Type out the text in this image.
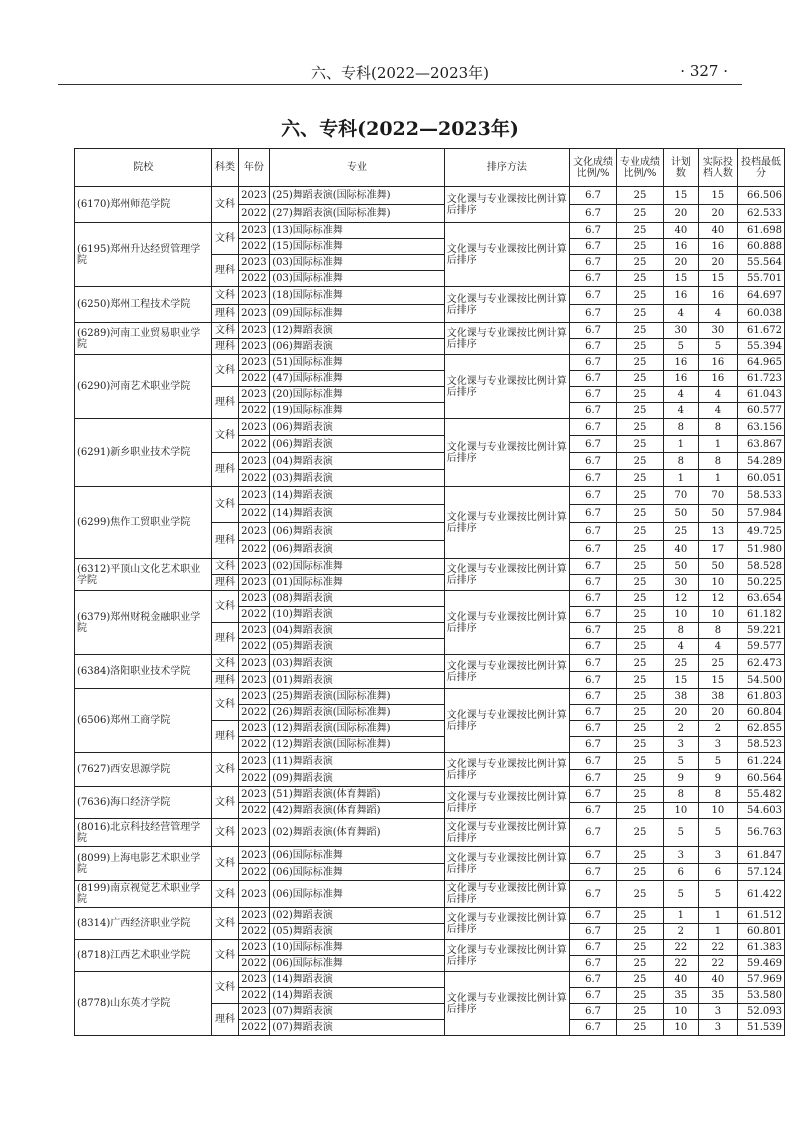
六、专科(2022—2023年)	· 327 ·
六、专科(2022—2023年)
院校	科类	年份	专业	排序方法	文化成绩比例/%	专业成绩比例/%	计划数	实际投档人数	投档最低分
(6170)郑州师范学院	文科	2023	(25)舞蹈表演(国际标准舞)	文化课与专业课按比例计算后排序	6.7	25	15	15	66.506
		2022	(27)舞蹈表演(国际标准舞)		6.7	25	20	20	62.533
(6195)郑州升达经贸管理学院	文科	2023	(13)国际标准舞	文化课与专业课按比例计算后排序	6.7	25	40	40	61.698
		2022	(15)国际标准舞		6.7	25	16	16	60.888
	理科	2023	(03)国际标准舞		6.7	25	20	20	55.564
		2022	(03)国际标准舞		6.7	25	15	15	55.701
(6250)郑州工程技术学院	文科	2023	(18)国际标准舞	文化课与专业课按比例计算后排序	6.7	25	16	16	64.697
	理科	2023	(09)国际标准舞		6.7	25	4	4	60.038
(6289)河南工业贸易职业学院	文科	2023	(12)舞蹈表演	文化课与专业课按比例计算后排序	6.7	25	30	30	61.672
	理科	2023	(06)舞蹈表演		6.7	25	5	5	55.394
(6290)河南艺术职业学院	文科	2023	(51)国际标准舞	文化课与专业课按比例计算后排序	6.7	25	16	16	64.965
		2022	(47)国际标准舞		6.7	25	16	16	61.723
	理科	2023	(20)国际标准舞		6.7	25	4	4	61.043
		2022	(19)国际标准舞		6.7	25	4	4	60.577
(6291)新乡职业技术学院	文科	2023	(06)舞蹈表演	文化课与专业课按比例计算后排序	6.7	25	8	8	63.156
		2022	(06)舞蹈表演		6.7	25	1	1	63.867
	理科	2023	(04)舞蹈表演		6.7	25	8	8	54.289
		2022	(03)舞蹈表演		6.7	25	1	1	60.051
(6299)焦作工贸职业学院	文科	2023	(14)舞蹈表演	文化课与专业课按比例计算后排序	6.7	25	70	70	58.533
		2022	(14)舞蹈表演		6.7	25	50	50	57.984
	理科	2023	(06)舞蹈表演		6.7	25	25	13	49.725
		2022	(06)舞蹈表演		6.7	25	40	17	51.980
(6312)平顶山文化艺术职业学院	文科	2023	(02)国际标准舞	文化课与专业课按比例计算后排序	6.7	25	50	50	58.528
	理科	2023	(01)国际标准舞		6.7	25	30	10	50.225
(6379)郑州财税金融职业学院	文科	2023	(08)舞蹈表演	文化课与专业课按比例计算后排序	6.7	25	12	12	63.654
		2022	(10)舞蹈表演		6.7	25	10	10	61.182
	理科	2023	(04)舞蹈表演		6.7	25	8	8	59.221
		2022	(05)舞蹈表演		6.7	25	4	4	59.577
(6384)洛阳职业技术学院	文科	2023	(03)舞蹈表演	文化课与专业课按比例计算后排序	6.7	25	25	25	62.473
	理科	2023	(01)舞蹈表演		6.7	25	15	15	54.500
(6506)郑州工商学院	文科	2023	(25)舞蹈表演(国际标准舞)	文化课与专业课按比例计算后排序	6.7	25	38	38	61.803
		2022	(26)舞蹈表演(国际标准舞)		6.7	25	20	20	60.804
	理科	2023	(12)舞蹈表演(国际标准舞)		6.7	25	2	2	62.855
		2022	(12)舞蹈表演(国际标准舞)		6.7	25	3	3	58.523
(7627)西安思源学院	文科	2023	(11)舞蹈表演	文化课与专业课按比例计算后排序	6.7	25	5	5	61.224
		2022	(09)舞蹈表演		6.7	25	9	9	60.564
(7636)海口经济学院	文科	2023	(51)舞蹈表演(体育舞蹈)	文化课与专业课按比例计算后排序	6.7	25	8	8	55.482
		2022	(42)舞蹈表演(体育舞蹈)		6.7	25	10	10	54.603
(8016)北京科技经营管理学院	文科	2023	(02)舞蹈表演(体育舞蹈)	文化课与专业课按比例计算后排序	6.7	25	5	5	56.763
(8099)上海电影艺术职业学院	文科	2023	(06)国际标准舞	文化课与专业课按比例计算后排序	6.7	25	3	3	61.847
		2022	(06)国际标准舞		6.7	25	6	6	57.124
(8199)南京视觉艺术职业学院	文科	2023	(06)国际标准舞	文化课与专业课按比例计算后排序	6.7	25	5	5	61.422
(8314)广西经济职业学院	文科	2023	(02)舞蹈表演	文化课与专业课按比例计算后排序	6.7	25	1	1	61.512
		2022	(05)舞蹈表演		6.7	25	2	1	60.801
(8718)江西艺术职业学院	文科	2023	(10)国际标准舞	文化课与专业课按比例计算后排序	6.7	25	22	22	61.383
		2022	(06)国际标准舞		6.7	25	22	22	59.469
(8778)山东英才学院	文科	2023	(14)舞蹈表演	文化课与专业课按比例计算后排序	6.7	25	40	40	57.969
		2022	(14)舞蹈表演		6.7	25	35	35	53.580
	理科	2023	(07)舞蹈表演		6.7	25	10	3	52.093
		2022	(07)舞蹈表演		6.7	25	10	3	51.539
